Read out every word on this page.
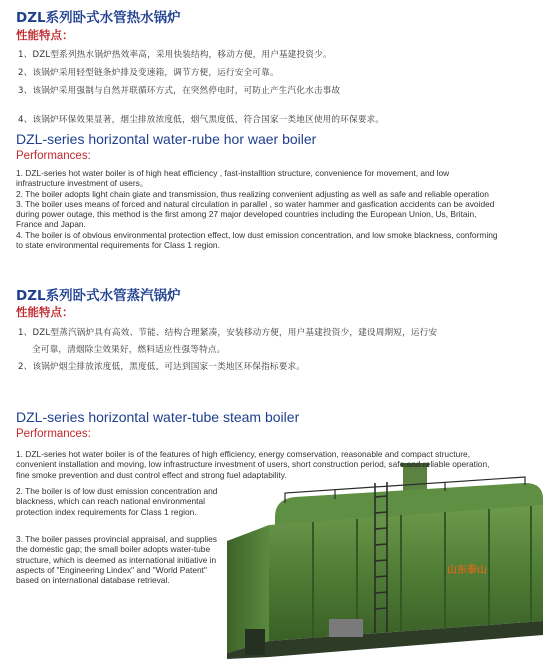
DZL系列卧式水管热水锅炉
性能特点：
1、DZL型系列热水锅炉热效率高，采用快装结构，移动方便，用户基建投资少。
2、该锅炉采用轻型链条炉排及变速箱，调节方便，运行安全可靠。
3、该锅炉采用强制与自然并联循环方式，在突然停电时，可防止产生汽化水击事故
4、该锅炉环保效果显著，烟尘排放浓度低，烟气黑度低，符合国家一类地区使用的环保要求。
DZL-series horizontal water-rube hor waer boiler
Performances:

1. DZL-series hot water boiler is of high heat efficiency , fast-installtion structure, convenience for movement, and low infrastructure investment of users。

2. The boiler adopts light chain giate and transmission, thus realizing convenient adjusting as well as safe and reliable operation

3. The boiler uses means of forced and natural circulation in parallel , so water hammer and gasfication accidents can be avoided during power outage, this method is the first among 27 major developed countries including the European Union, Us, Britain, France and Japan.

4. The boiler is of obvious environmental protection effect, low dust emission concentration, and low smoke blackness, conforming to state environmental requirements for Class 1 region.

DZL系列卧式水管蒸汽锅炉
性能特点：
1、DZL型蒸汽锅炉具有高效、节能、结构合理紧凑，安装移动方便，用户基建投资少，建设周期短，运行安
全可靠，清烟除尘效果好，燃料适应性强等特点。
2、该锅炉烟尘排放浓度低，黑度低，可达到国家一类地区环保指标要求。
山东泰山
DZL-series horizontal water-tube steam boiler
Performances:
1. DZL-series hot water boiler is of the features of high efficiency, energy comservation, reasonable and compact structure, convenient installation and moving, low infrastructure investment of users, short construction period, safe and reliable operation, fine smoke prevention and dust control effect and strong fuel adaptability.
2. The boiler is of low dust emission concentration and blackness, which can reach national environmental protection index requirements for Class 1 region.
3. The boiler passes provincial appraisal, and supplies the domestic gap; the small boiler adopts water-tube structure, which is deemed as international initiative in aspects of "Engineering Lindex" and "World Patent" based on international database retrieval.
